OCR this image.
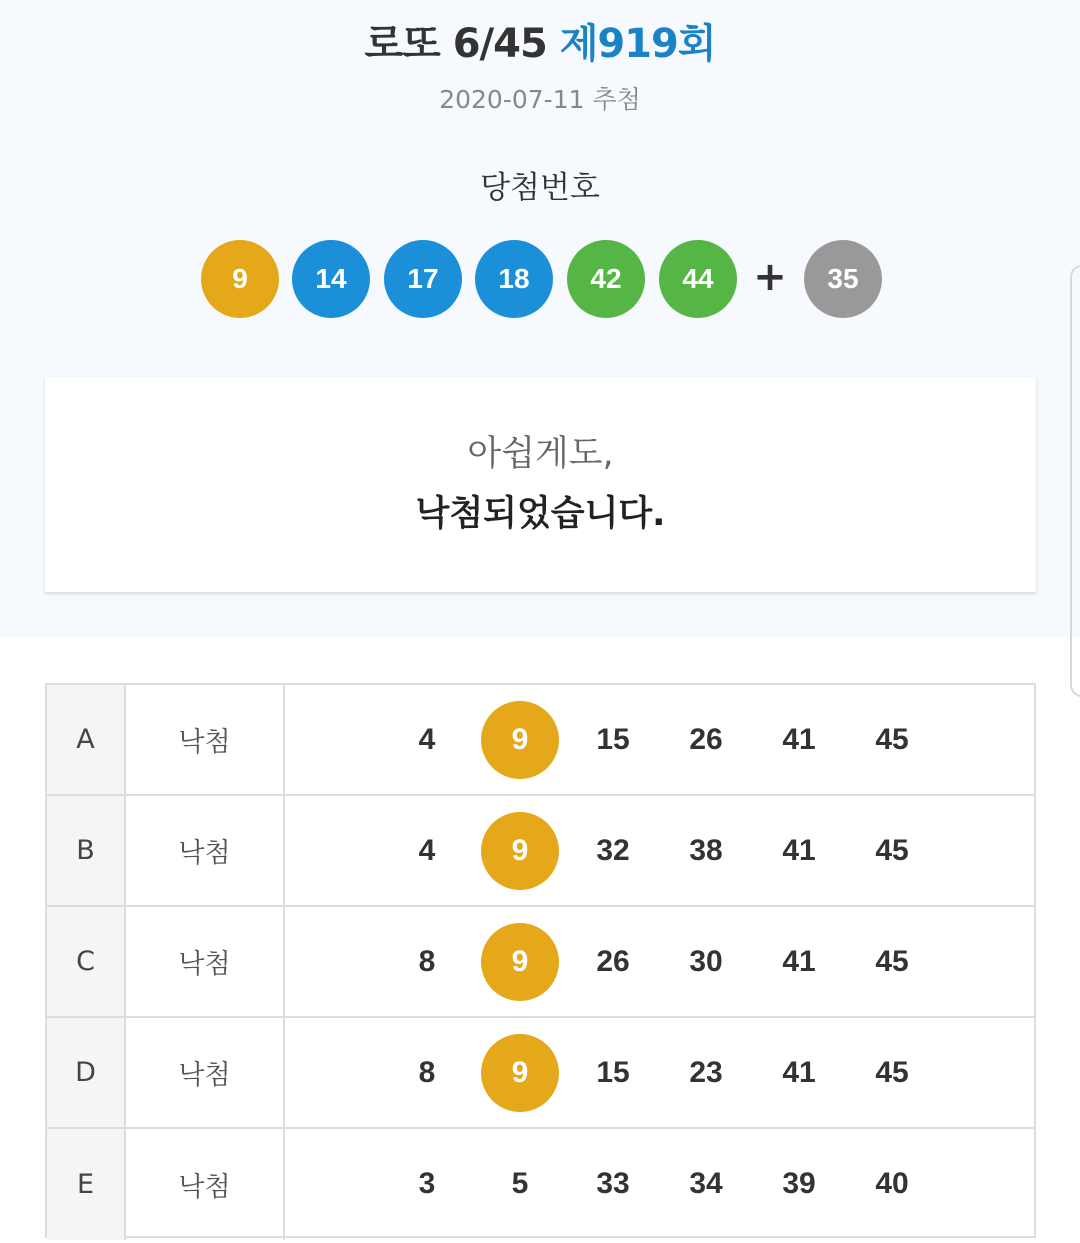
로또 6/45 제919회
2020-07-11 추첨
당첨번호
9	14	17	18	42	44 +	35
아쉽게도,
낙첨되었습니다.
A	낙첨	4	9	15	26	41	45
B	낙첨	4	9	32	38	41	45
C	낙첨	8	9	26	30	41	45
D	낙첨	8	9	15	23	41	45
E	낙첨	3	5	33	34	39	40
